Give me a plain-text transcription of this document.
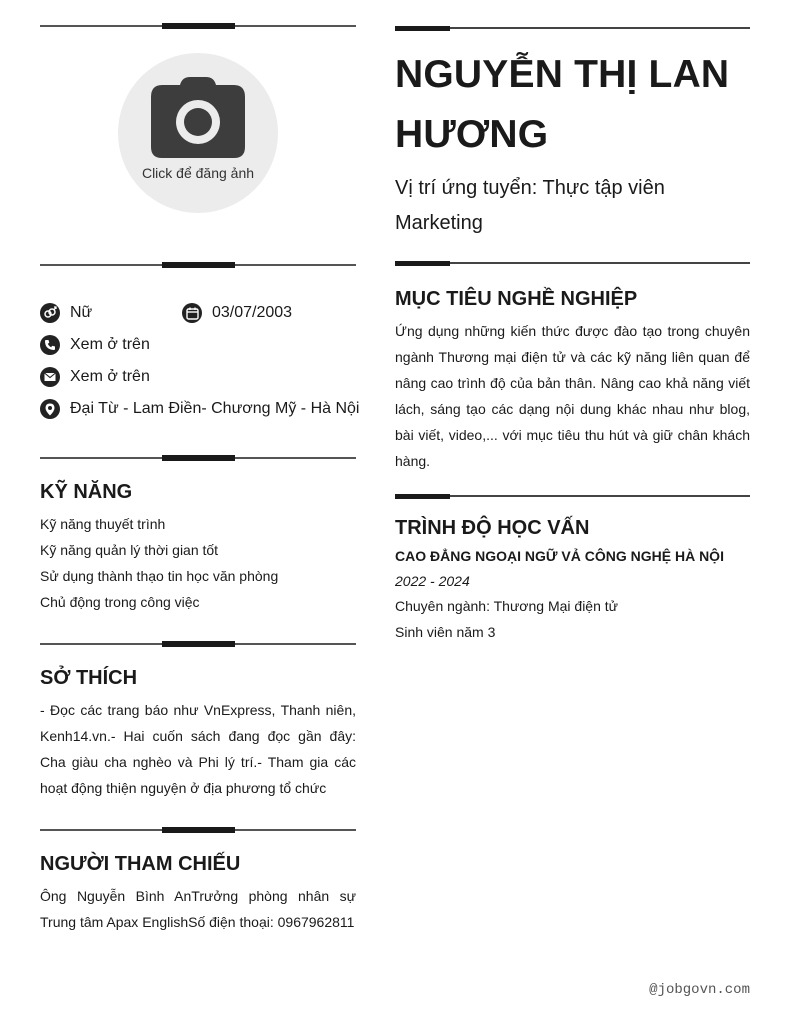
Click để đăng ảnh
Nữ	03/07/2003
Xem ở trên
Xem ở trên
Đại Từ - Lam Điền- Chương Mỹ - Hà Nội
KỸ NĂNG
Kỹ năng thuyết trình
Kỹ năng quản lý thời gian tốt
Sử dụng thành thạo tin học văn phòng
Chủ động trong công việc
SỞ THÍCH
- Đọc các trang báo như VnExpress, Thanh niên, Kenh14.vn.- Hai cuốn sách đang đọc gần đây: Cha giàu cha nghèo và Phi lý trí.- Tham gia các hoạt động thiện nguyện ở địa phương tổ chức
NGƯỜI THAM CHIẾU
Ông Nguyễn Bình AnTrưởng phòng nhân sự Trung tâm Apax EnglishSố điện thoại: 0967962811
NGUYỄN THỊ LAN HƯƠNG
Vị trí ứng tuyển: Thực tập viên Marketing
MỤC TIÊU NGHỀ NGHIỆP
Ứng dụng những kiến thức được đào tạo trong chuyên ngành Thương mại điện tử và các kỹ năng liên quan để nâng cao trình độ của bản thân. Nâng cao khả năng viết lách, sáng tạo các dạng nội dung khác nhau như blog, bài viết, video,... với mục tiêu thu hút và giữ chân khách hàng.
TRÌNH ĐỘ HỌC VẤN
CAO ĐẲNG NGOẠI NGỮ VẢ CÔNG NGHỆ HÀ NỘI
2022 - 2024
Chuyên ngành: Thương Mại điện tử
Sinh viên năm 3
@jobgovn.com
